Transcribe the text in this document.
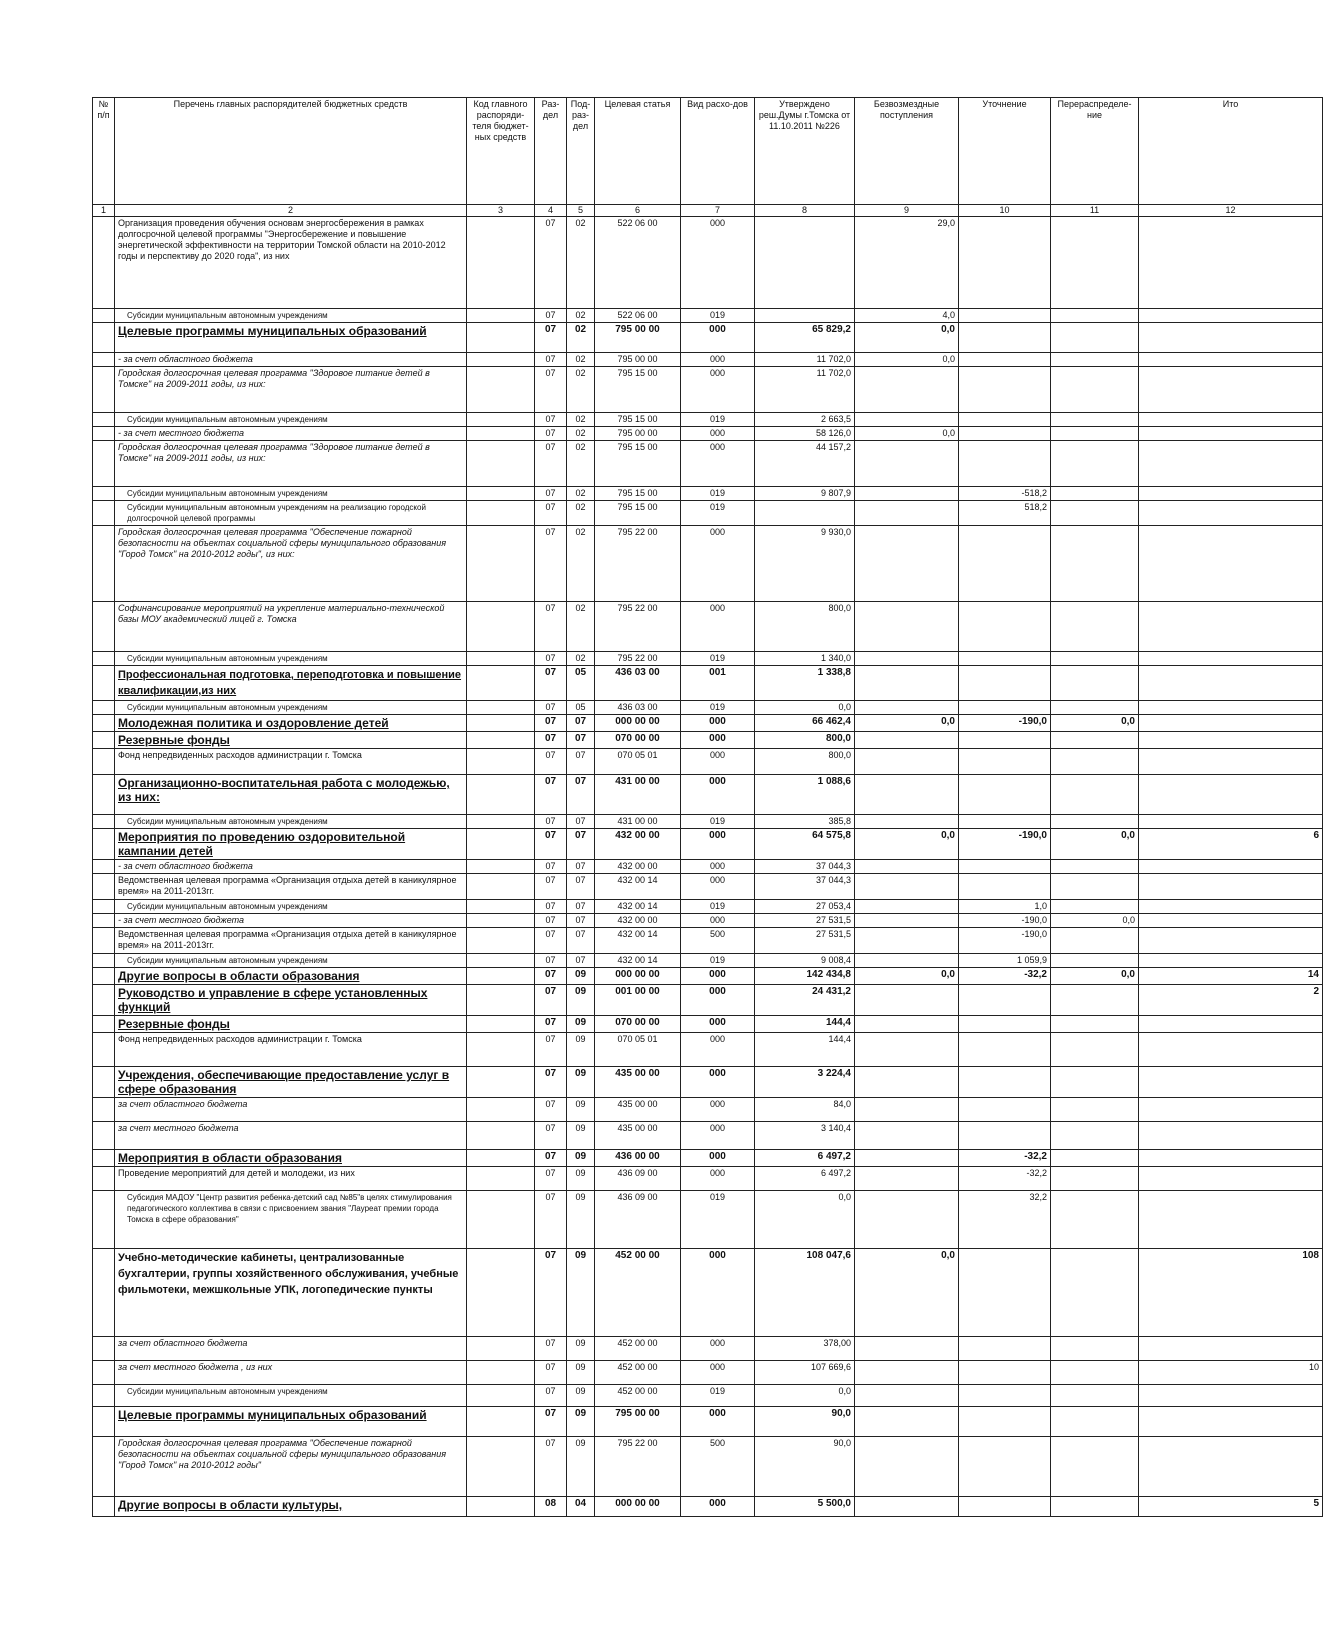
№ п/п	Перечень главных распорядителей бюджетных средств	Код главного распоряди-теля бюджет-ных средств	Раз-дел	Под-раз-дел	Целевая статья	Вид расхо-дов	Утверждено реш.Думы г.Томска от 11.10.2011 №226	Безвозмездные поступления	Уточнение	Перераспределе-ние	Ито
1	2	3	4	5	6	7	8	9	10	11	12
	Организация проведения обучения основам энергосбережения в рамках долгосрочной целевой программы "Энергосбережение и повышение энергетической эффективности на территории Томской области на 2010-2012 годы и перспективу до 2020 года", из них		07	02	522 06 00	000		29,0			
	Субсидии муниципальным автономным учреждениям		07	02	522 06 00	019		4,0			
	Целевые программы муниципальных образований		07	02	795 00 00	000	65 829,2	0,0			
	- за счет областного бюджета		07	02	795 00 00	000	11 702,0	0,0			
	Городская долгосрочная целевая программа "Здоровое питание детей в Томске" на 2009-2011 годы, из них:		07	02	795 15 00	000	11 702,0				
	Субсидии муниципальным автономным учреждениям		07	02	795 15 00	019	2 663,5				
	- за счет местного бюджета		07	02	795 00 00	000	58 126,0	0,0			
	Городская долгосрочная целевая программа "Здоровое питание детей в Томске" на 2009-2011 годы, из них:		07	02	795 15 00	000	44 157,2				
	Субсидии муниципальным автономным учреждениям		07	02	795 15 00	019	9 807,9		-518,2		
	Субсидии муниципальным автономным учреждениям на реализацию городской долгосрочной целевой программы		07	02	795 15 00	019			518,2		
	Городская долгосрочная целевая программа "Обеспечение пожарной безопасности на объектах социальной сферы муниципального образования "Город Томск" на 2010-2012 годы", из них:		07	02	795 22 00	000	9 930,0				
	Софинансирование мероприятий на укрепление материально-технической базы МОУ академический лицей г. Томска		07	02	795 22 00	000	800,0				
	Субсидии муниципальным автономным учреждениям		07	02	795 22 00	019	1 340,0				
	Профессиональная подготовка, переподготовка и повышение квалификации,из них		07	05	436 03 00	001	1 338,8				
	Субсидии муниципальным автономным учреждениям		07	05	436 03 00	019	0,0				
	Молодежная политика и оздоровление детей		07	07	000 00 00	000	66 462,4	0,0	-190,0	0,0	
	Резервные фонды		07	07	070 00 00	000	800,0				
	Фонд непредвиденных расходов администрации г. Томска		07	07	070 05 01	000	800,0				
	Организационно-воспитательная работа с молодежью, из них:		07	07	431 00 00	000	1 088,6				
	Субсидии муниципальным автономным учреждениям		07	07	431 00 00	019	385,8				
	Мероприятия по проведению оздоровительной кампании детей		07	07	432 00 00	000	64 575,8	0,0	-190,0	0,0	6
	- за счет областного бюджета		07	07	432 00 00	000	37 044,3				
	Ведомственная целевая программа «Организация отдыха детей в каникулярное время» на 2011-2013гг.		07	07	432 00 14	000	37 044,3				
	Субсидии муниципальным автономным учреждениям		07	07	432 00 14	019	27 053,4		1,0		
	- за счет местного бюджета		07	07	432 00 00	000	27 531,5		-190,0	0,0	
	Ведомственная целевая программа «Организация отдыха детей в каникулярное время» на 2011-2013гг.		07	07	432 00 14	500	27 531,5		-190,0		
	Субсидии муниципальным автономным учреждениям		07	07	432 00 14	019	9 008,4		1 059,9		
	Другие вопросы в области образования		07	09	000 00 00	000	142 434,8	0,0	-32,2	0,0	14
	Руководство и управление в сфере установленных функций		07	09	001 00 00	000	24 431,2				2
	Резервные фонды		07	09	070 00 00	000	144,4				
	Фонд непредвиденных расходов администрации г. Томска		07	09	070 05 01	000	144,4				
	Учреждения, обеспечивающие предоставление услуг в сфере образования		07	09	435 00 00	000	3 224,4				
	за счет областного бюджета		07	09	435 00 00	000	84,0				
	за счет местного бюджета		07	09	435 00 00	000	3 140,4				
	Мероприятия в области образования		07	09	436 00 00	000	6 497,2		-32,2		
	Проведение мероприятий для детей и молодежи, из них		07	09	436 09 00	000	6 497,2		-32,2		
	Субсидия МАДОУ "Центр развития ребенка-детский сад №85"в целях стимулирования педагогического коллектива в связи с присвоением звания "Лауреат премии города Томска в сфере образования"		07	09	436 09 00	019	0,0		32,2		
	Учебно-методические кабинеты, централизованные бухгалтерии, группы хозяйственного обслуживания, учебные фильмотеки, межшкольные УПК, логопедические пункты		07	09	452 00 00	000	108 047,6	0,0			108
	за счет областного бюджета		07	09	452 00 00	000	378,00				
	за счет местного бюджета , из них		07	09	452 00 00	000	107 669,6				10
	Субсидии муниципальным автономным учреждениям		07	09	452 00 00	019	0,0				
	Целевые программы муниципальных образований		07	09	795 00 00	000	90,0				
	Городская долгосрочная целевая программа "Обеспечение пожарной безопасности на объектах социальной сферы муниципального образования "Город Томск" на 2010-2012 годы"		07	09	795 22 00	500	90,0				
	Другие вопросы в области культуры,		08	04	000 00 00	000	5 500,0				5
